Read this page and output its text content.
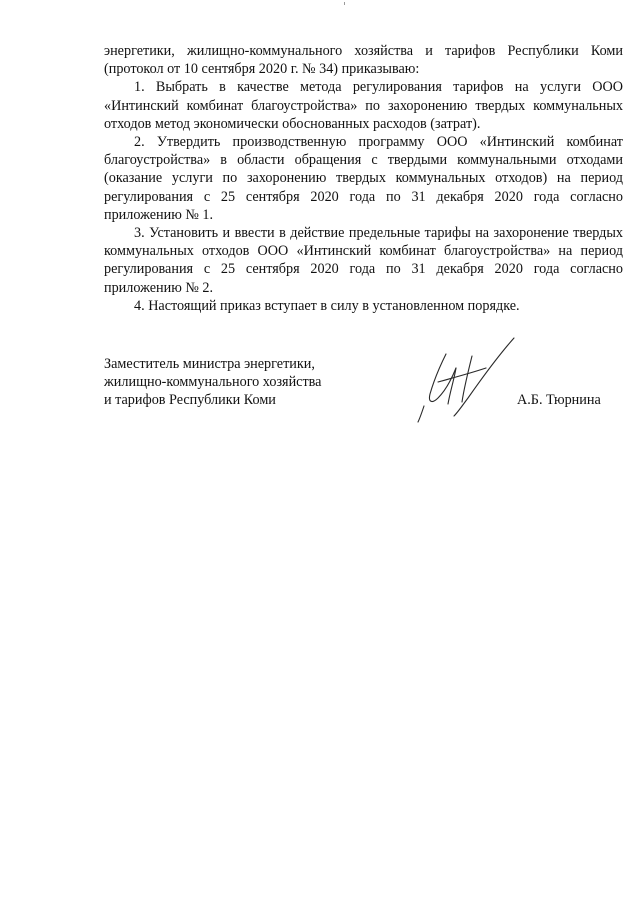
энергетики, жилищно-коммунального хозяйства и тарифов Республики Коми (протокол от 10 сентября 2020 г. № 34) приказываю:

1. Выбрать в качестве метода регулирования тарифов на услуги ООО «Интинский комбинат благоустройства» по захоронению твердых коммунальных отходов метод экономически обоснованных расходов (затрат).

2. Утвердить производственную программу ООО «Интинский комбинат благоустройства» в области обращения с твердыми коммунальными отходами (оказание услуги по захоронению твердых коммунальных отходов) на период регулирования с 25 сентября 2020 года по 31 декабря 2020 года согласно приложению № 1.

3. Установить и ввести в действие предельные тарифы на захоронение твердых коммунальных отходов ООО «Интинский комбинат благоустройства» на период регулирования с 25 сентября 2020 года по 31 декабря 2020 года согласно приложению № 2.

4. Настоящий приказ вступает в силу в установленном порядке.

Заместитель министра энергетики,
жилищно-коммунального хозяйства
и тарифов Республики Коми	А.Б. Тюрнина
